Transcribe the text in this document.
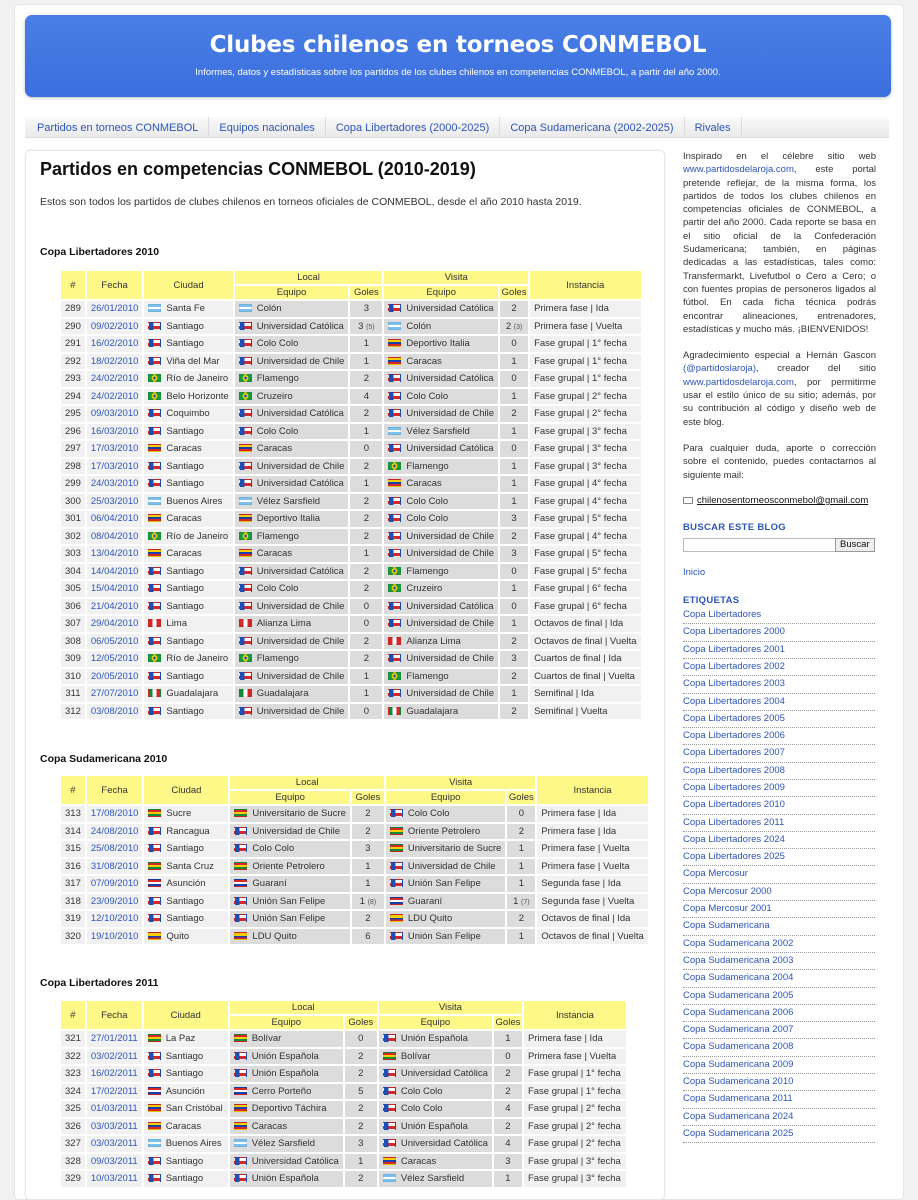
Clubes chilenos en torneos CONMEBOL
Informes, datos y estadísticas sobre los partidos de los clubes chilenos en competencias CONMEBOL, a partir del año 2000.
Partidos en torneos CONMEBOL	Equipos nacionales	Copa Libertadores (2000-2025)	Copa Sudamericana (2002-2025)	Rivales
Partidos en competencias CONMEBOL (2010-2019)

Estos son todos los partidos de clubes chilenos en torneos oficiales de CONMEBOL, desde el año 2010 hasta 2019.

Copa Libertadores 2010
#	Fecha	Ciudad	Local		Visita		Instancia
			Equipo	Goles	Equipo	Goles	
289	26/01/2010	Santa Fe	Colón	3	Universidad Católica	2	Primera fase | Ida
290	09/02/2010	Santiago	Universidad Católica	3 (5)	Colón	2 (3)	Primera fase | Vuelta
291	16/02/2010	Santiago	Colo Colo	1	Deportivo Italia	0	Fase grupal | 1° fecha
292	18/02/2010	Viña del Mar	Universidad de Chile	1	Caracas	1	Fase grupal | 1° fecha
293	24/02/2010	Río de Janeiro	Flamengo	2	Universidad Católica	0	Fase grupal | 1° fecha
294	24/02/2010	Belo Horizonte	Cruzeiro	4	Colo Colo	1	Fase grupal | 2° fecha
295	09/03/2010	Coquimbo	Universidad Católica	2	Universidad de Chile	2	Fase grupal | 2° fecha
296	16/03/2010	Santiago	Colo Colo	1	Vélez Sarsfield	1	Fase grupal | 3° fecha
297	17/03/2010	Caracas	Caracas	0	Universidad Católica	0	Fase grupal | 3° fecha
298	17/03/2010	Santiago	Universidad de Chile	2	Flamengo	1	Fase grupal | 3° fecha
299	24/03/2010	Santiago	Universidad Católica	1	Caracas	1	Fase grupal | 4° fecha
300	25/03/2010	Buenos Aires	Vélez Sarsfield	2	Colo Colo	1	Fase grupal | 4° fecha
301	06/04/2010	Caracas	Deportivo Italia	2	Colo Colo	3	Fase grupal | 5° fecha
302	08/04/2010	Río de Janeiro	Flamengo	2	Universidad de Chile	2	Fase grupal | 4° fecha
303	13/04/2010	Caracas	Caracas	1	Universidad de Chile	3	Fase grupal | 5° fecha
304	14/04/2010	Santiago	Universidad Católica	2	Flamengo	0	Fase grupal | 5° fecha
305	15/04/2010	Santiago	Colo Colo	2	Cruzeiro	1	Fase grupal | 6° fecha
306	21/04/2010	Santiago	Universidad de Chile	0	Universidad Católica	0	Fase grupal | 6° fecha
307	29/04/2010	Lima	Alianza Lima	0	Universidad de Chile	1	Octavos de final | Ida
308	06/05/2010	Santiago	Universidad de Chile	2	Alianza Lima	2	Octavos de final | Vuelta
309	12/05/2010	Río de Janeiro	Flamengo	2	Universidad de Chile	3	Cuartos de final | Ida
310	20/05/2010	Santiago	Universidad de Chile	1	Flamengo	2	Cuartos de final | Vuelta
311	27/07/2010	Guadalajara	Guadalajara	1	Universidad de Chile	1	Semifinal | Ida
312	03/08/2010	Santiago	Universidad de Chile	0	Guadalajara	2	Semifinal | Vuelta
Copa Sudamericana 2010
#	Fecha	Ciudad	Local		Visita		Instancia
			Equipo	Goles	Equipo	Goles	
313	17/08/2010	Sucre	Universitario de Sucre	2	Colo Colo	0	Primera fase | Ida
314	24/08/2010	Rancagua	Universidad de Chile	2	Oriente Petrolero	2	Primera fase | Ida
315	25/08/2010	Santiago	Colo Colo	3	Universitario de Sucre	1	Primera fase | Vuelta
316	31/08/2010	Santa Cruz	Oriente Petrolero	1	Universidad de Chile	1	Primera fase | Vuelta
317	07/09/2010	Asunción	Guaraní	1	Unión San Felipe	1	Segunda fase | Ida
318	23/09/2010	Santiago	Unión San Felipe	1 (8)	Guaraní	1 (7)	Segunda fase | Vuelta
319	12/10/2010	Santiago	Unión San Felipe	2	LDU Quito	2	Octavos de final | Ida
320	19/10/2010	Quito	LDU Quito	6	Unión San Felipe	1	Octavos de final | Vuelta
Copa Libertadores 2011
#	Fecha	Ciudad	Local		Visita		Instancia
			Equipo	Goles	Equipo	Goles	
321	27/01/2011	La Paz	Bolívar	0	Unión Española	1	Primera fase | Ida
322	03/02/2011	Santiago	Unión Española	2	Bolívar	0	Primera fase | Vuelta
323	16/02/2011	Santiago	Unión Española	2	Universidad Católica	2	Fase grupal | 1° fecha
324	17/02/2011	Asunción	Cerro Porteño	5	Colo Colo	2	Fase grupal | 1° fecha
325	01/03/2011	San Cristóbal	Deportivo Táchira	2	Colo Colo	4	Fase grupal | 2° fecha
326	03/03/2011	Caracas	Caracas	2	Unión Española	2	Fase grupal | 2° fecha
327	03/03/2011	Buenos Aires	Vélez Sarsfield	3	Universidad Católica	4	Fase grupal | 2° fecha
328	09/03/2011	Santiago	Universidad Católica	1	Caracas	3	Fase grupal | 3° fecha
329	10/03/2011	Santiago	Unión Española	2	Vélez Sarsfield	1	Fase grupal | 3° fecha

Inspirado en el célebre sitio web www.partidosdelaroja.com, este portal pretende reflejar, de la misma forma, los partidos de todos los clubes chilenos en competencias oficiales de CONMEBOL, a partir del año 2000. Cada reporte se basa en el sitio oficial de la Confederación Sudamericana; también, en páginas dedicadas a las estadísticas, tales como: Transfermarkt, Livefutbol o Cero a Cero; o con fuentes propias de personeros ligados al fútbol. En cada ficha técnica podrás encontrar alineaciones, entrenadores, estadísticas y mucho más. ¡BIENVENIDOS!

Agradecimiento especial a Hernán Gascon (@partidoslaroja), creador del sitio www.partidosdelaroja.com, por permitirme usar el estilo único de su sitio; además, por su contribución al código y diseño web de este blog.

Para cualquier duda, aporte o corrección sobre el contenido, puedes contactarnos al siguiente mail:

chilenosentorneosconmebol@gmail.com
BUSCAR ESTE BLOG
Buscar
Inicio
ETIQUETAS
Copa Libertadores
Copa Libertadores 2000
Copa Libertadores 2001
Copa Libertadores 2002
Copa Libertadores 2003
Copa Libertadores 2004
Copa Libertadores 2005
Copa Libertadores 2006
Copa Libertadores 2007
Copa Libertadores 2008
Copa Libertadores 2009
Copa Libertadores 2010
Copa Libertadores 2011
Copa Libertadores 2024
Copa Libertadores 2025
Copa Mercosur
Copa Mercosur 2000
Copa Mercosur 2001
Copa Sudamericana
Copa Sudamericana 2002
Copa Sudamericana 2003
Copa Sudamericana 2004
Copa Sudamericana 2005
Copa Sudamericana 2006
Copa Sudamericana 2007
Copa Sudamericana 2008
Copa Sudamericana 2009
Copa Sudamericana 2010
Copa Sudamericana 2011
Copa Sudamericana 2024
Copa Sudamericana 2025
